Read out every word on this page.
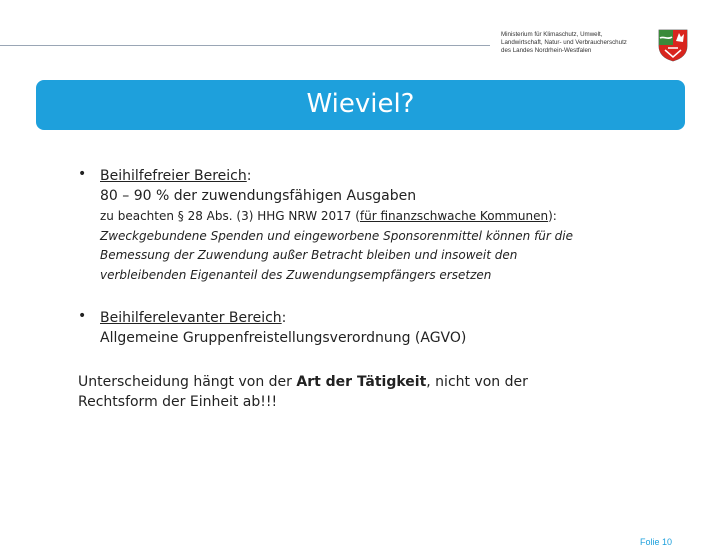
Ministerium für Klimaschutz, Umwelt,
Landwirtschaft, Natur- und Verbraucherschutz
des Landes Nordrhein-Westfalen
Wieviel?
• Beihilfefreier Bereich:
80 – 90 % der zuwendungsfähigen Ausgaben
zu beachten § 28 Abs. (3) HHG NRW 2017 (für finanzschwache Kommunen):
Zweckgebundene Spenden und eingeworbene Sponsorenmittel können für die
Bemessung der Zuwendung außer Betracht bleiben und insoweit den
verbleibenden Eigenanteil des Zuwendungsempfängers ersetzen
• Beihilferelevanter Bereich:
Allgemeine Gruppenfreistellungsverordnung (AGVO)
Unterscheidung hängt von der Art der Tätigkeit, nicht von der
Rechtsform der Einheit ab!!!
Folie 10
